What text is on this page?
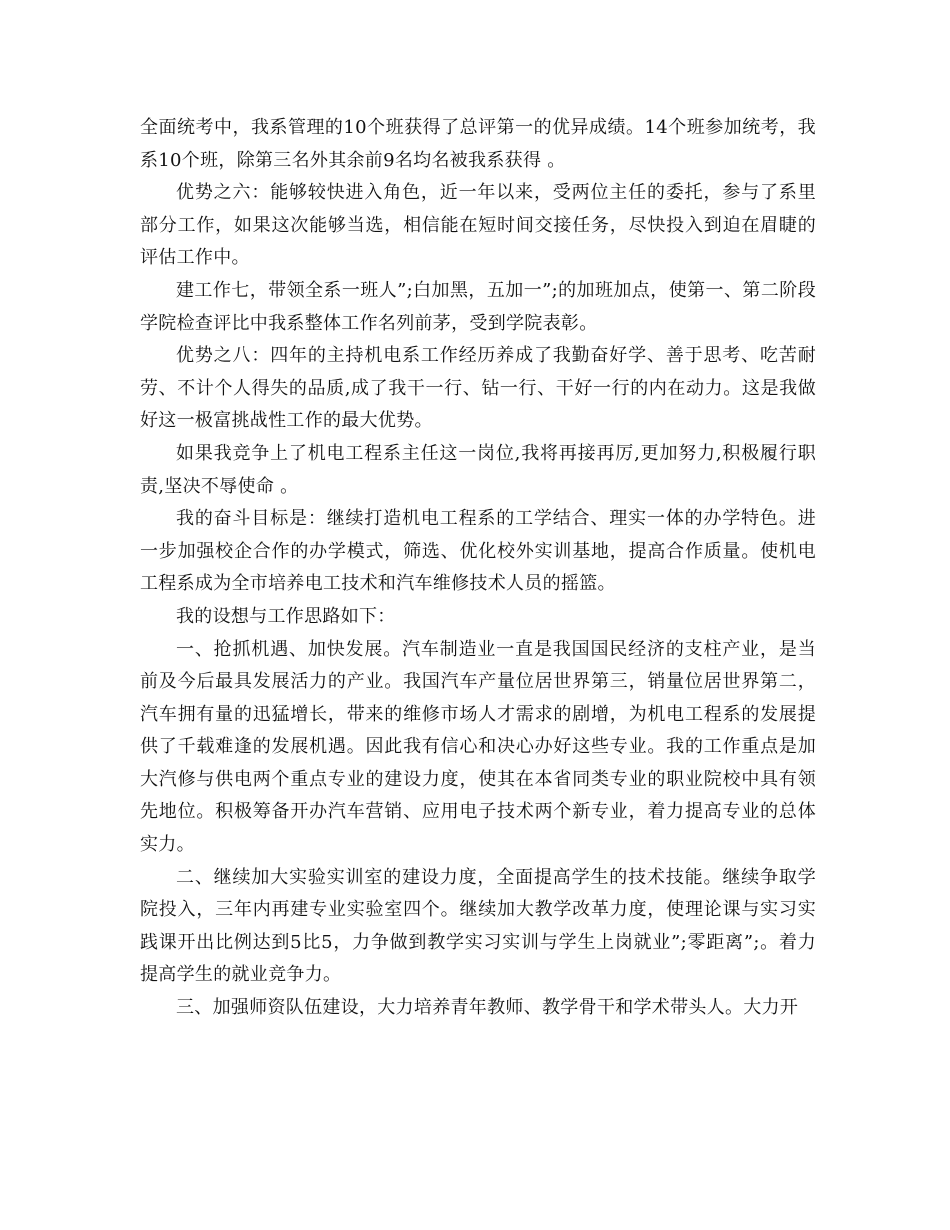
全面统考中，我系管理的10个班获得了总评第一的优异成绩。14个班参加统考，我系10个班，除第三名外其余前9名均名被我系获得 。

优势之六：能够较快进入角色，近一年以来，受两位主任的委托，参与了系里部分工作，如果这次能够当选，相信能在短时间交接任务，尽快投入到迫在眉睫的评估工作中。

建工作七，带领全系一班人”;白加黑，五加一”;的加班加点，使第一、第二阶段学院检查评比中我系整体工作名列前茅，受到学院表彰。

优势之八：四年的主持机电系工作经历养成了我勤奋好学、善于思考、吃苦耐劳、不计个人得失的品质,成了我干一行、钻一行、干好一行的内在动力。这是我做好这一极富挑战性工作的最大优势。

如果我竞争上了机电工程系主任这一岗位,我将再接再厉,更加努力,积极履行职责,坚决不辱使命 。

我的奋斗目标是：继续打造机电工程系的工学结合、理实一体的办学特色。进一步加强校企合作的办学模式，筛选、优化校外实训基地，提高合作质量。使机电工程系成为全市培养电工技术和汽车维修技术人员的摇篮。

我的设想与工作思路如下：

一、抢抓机遇、加快发展。汽车制造业一直是我国国民经济的支柱产业，是当前及今后最具发展活力的产业。我国汽车产量位居世界第三，销量位居世界第二，汽车拥有量的迅猛增长，带来的维修市场人才需求的剧增，为机电工程系的发展提供了千载难逢的发展机遇。因此我有信心和决心办好这些专业。我的工作重点是加大汽修与供电两个重点专业的建设力度，使其在本省同类专业的职业院校中具有领先地位。积极筹备开办汽车营销、应用电子技术两个新专业，着力提高专业的总体实力。

二、继续加大实验实训室的建设力度，全面提高学生的技术技能。继续争取学院投入，三年内再建专业实验室四个。继续加大教学改革力度，使理论课与实习实践课开出比例达到5比5，力争做到教学实习实训与学生上岗就业”;零距离”;。着力提高学生的就业竞争力。

三、加强师资队伍建设，大力培养青年教师、教学骨干和学术带头人。大力开
